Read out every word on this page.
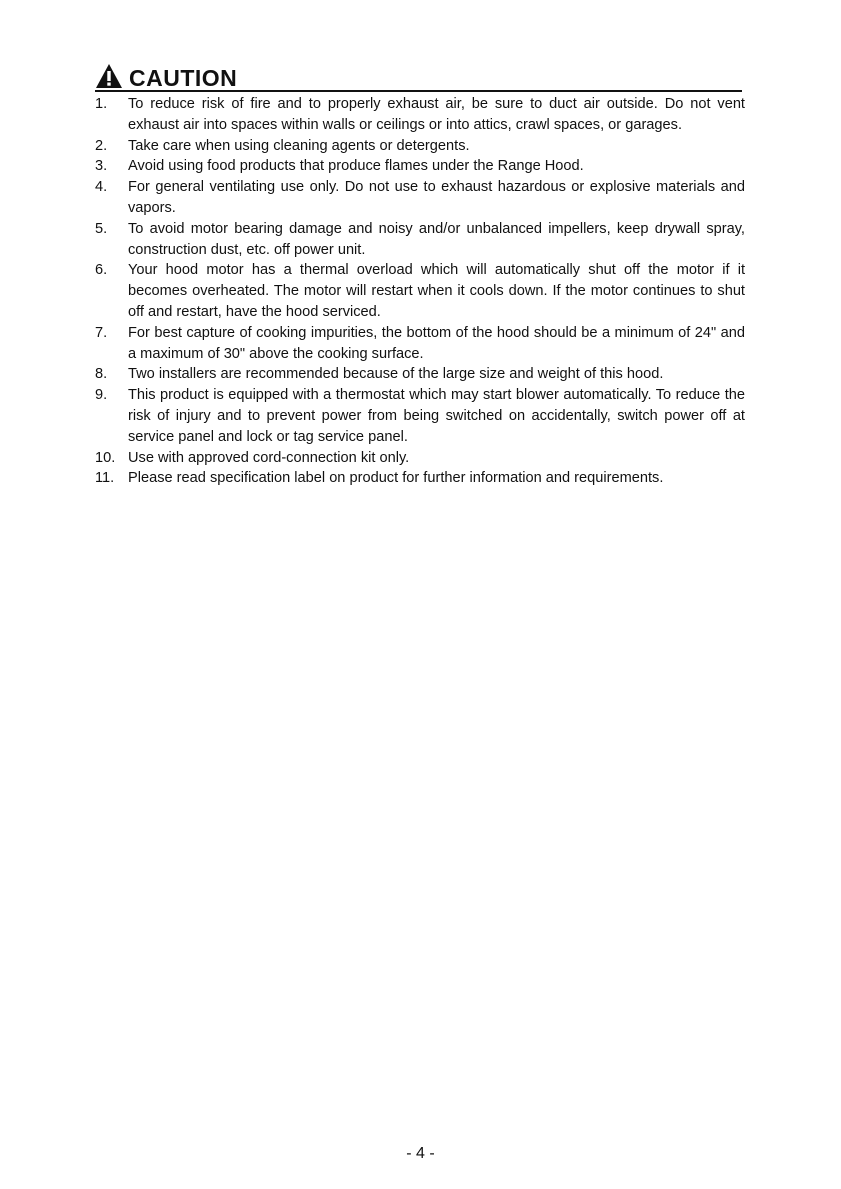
CAUTION
1.	To reduce risk of fire and to properly exhaust air, be sure to duct air outside. Do not vent exhaust air into spaces within walls or ceilings or into attics, crawl spaces, or garages.
2.	Take care when using cleaning agents or detergents.
3.	Avoid using food products that produce flames under the Range Hood.
4.	For general ventilating use only. Do not use to exhaust hazardous or explosive materials and vapors.
5.	To avoid motor bearing damage and noisy and/or unbalanced impellers, keep drywall spray, construction dust, etc. off power unit.
6.	Your hood motor has a thermal overload which will automatically shut off the motor if it becomes overheated. The motor will restart when it cools down. If the motor continues to shut off and restart, have the hood serviced.
7.	For best capture of cooking impurities, the bottom of the hood should be a minimum of 24" and a maximum of 30" above the cooking surface.
8.	Two installers are recommended because of the large size and weight of this hood.
9.	This product is equipped with a thermostat which may start blower automatically. To reduce the risk of injury and to prevent power from being switched on accidentally, switch power off at service panel and lock or tag service panel.
10. Use with approved cord-connection kit only.
11. Please read specification label on product for further information and requirements.
- 4 -
